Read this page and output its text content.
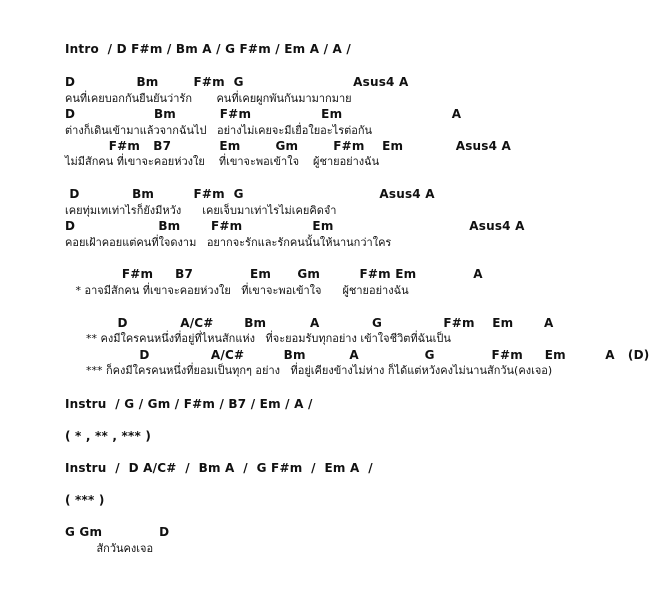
Intro  / D F#m / Bm A / G F#m / Em A / A /
D              Bm        F#m  G                         Asus4 A
คนที่เคยบอกกันยืนยันว่ารัก       คนที่เคยผูกพันกันมามากมาย
D                  Bm          F#m                Em                         A
ต่างก็เดินเข้ามาแล้วจากฉันไป   อย่างไม่เคยจะมีเยื่อใยอะไรต่อกัน
F#m   B7           Em        Gm        F#m    Em            Asus4 A
ไม่มีสักคน ที่เขาจะคอยห่วงใย    ที่เขาจะพอเข้าใจ    ผู้ชายอย่างฉัน
D            Bm         F#m  G                               Asus4 A
เคยทุ่มเทเท่าไรก็ยังมีหวัง      เคยเจ็บมาเท่าไรไม่เคยคิดจำ
D                   Bm       F#m                Em                               Asus4 A
คอยเฝ้าคอยแต่คนที่ใจดงาม   อยากจะรักและรักคนนั้นให้นานกว่าใคร
F#m     B7             Em      Gm         F#m Em             A
* อาจมีสักคน ที่เขาจะคอยห่วงใย   ที่เขาจะพอเข้าใจ      ผู้ชายอย่างฉัน
D            A/C#       Bm          A            G              F#m    Em       A
** คงมีใครคนหนึ่งที่อยู่ที่ไหนสักแห่ง   ที่จะยอมรับทุกอย่าง เข้าใจชีวิตที่ฉันเป็น
D              A/C#         Bm          A               G             F#m     Em         A   (D)
*** ก็คงมีใครคนหนึ่งที่ยอมเป็นทุกๆ อย่าง   ที่อยู่เคียงข้างไม่ห่าง ก็ได้แต่หวังคงไม่นานสักวัน(คงเจอ)
Instru  / G / Gm / F#m / B7 / Em / A /
( * , ** , *** )
Instru  /  D A/C#  /  Bm A  /  G F#m  /  Em A  /
( *** )
G Gm             D
สักวันคงเจอ
